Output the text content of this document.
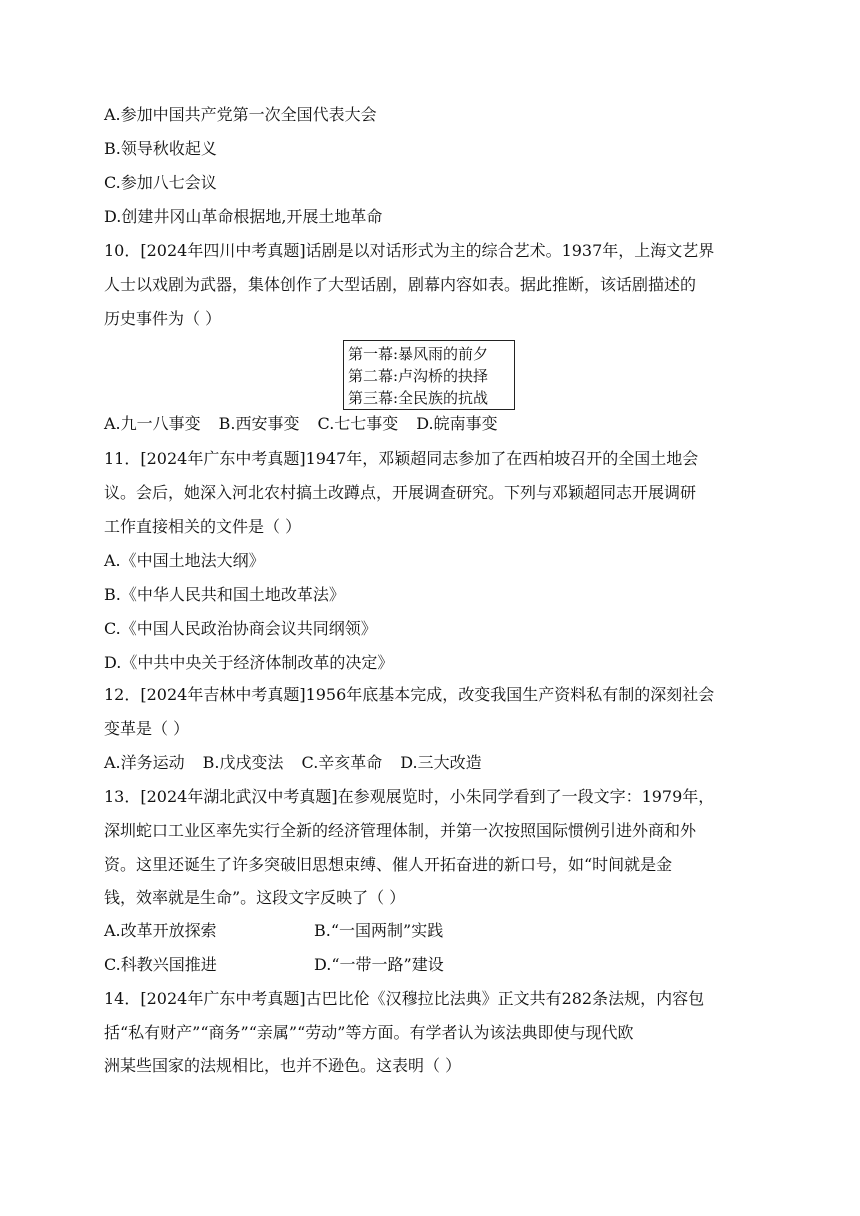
A.参加中国共产党第一次全国代表大会
B.领导秋收起义
C.参加八七会议
D.创建井冈山革命根据地,开展土地革命
10．[2024年四川中考真题]话剧是以对话形式为主的综合艺术。1937年，上海文艺界
人士以戏剧为武器，集体创作了大型话剧，剧幕内容如表。据此推断，该话剧描述的
历史事件为（ ）
第一幕:暴风雨的前夕
第二幕:卢沟桥的抉择
第三幕:全民族的抗战
A.九一八事变 B.西安事变 C.七七事变 D.皖南事变
11．[2024年广东中考真题]1947年，邓颖超同志参加了在西柏坡召开的全国土地会
议。会后，她深入河北农村搞土改蹲点，开展调查研究。下列与邓颖超同志开展调研
工作直接相关的文件是（ ）
A.《中国土地法大纲》
B.《中华人民共和国土地改革法》
C.《中国人民政治协商会议共同纲领》
D.《中共中央关于经济体制改革的决定》
12．[2024年吉林中考真题]1956年底基本完成，改变我国生产资料私有制的深刻社会
变革是（ ）
A.洋务运动 B.戊戌变法 C.辛亥革命 D.三大改造
13．[2024年湖北武汉中考真题]在参观展览时，小朱同学看到了一段文字：1979年，
深圳蛇口工业区率先实行全新的经济管理体制，并第一次按照国际惯例引进外商和外
资。这里还诞生了许多突破旧思想束缚、催人开拓奋进的新口号，如“时间就是金
钱，效率就是生命”。这段文字反映了（ ）
A.改革开放探索	B.“一国两制”实践
C.科教兴国推进	D.“一带一路”建设
14．[2024年广东中考真题]古巴比伦《汉穆拉比法典》正文共有282条法规，内容包
括“私有财产”“商务”“亲属”“劳动”等方面。有学者认为该法典即使与现代欧
洲某些国家的法规相比，也并不逊色。这表明（ ）
